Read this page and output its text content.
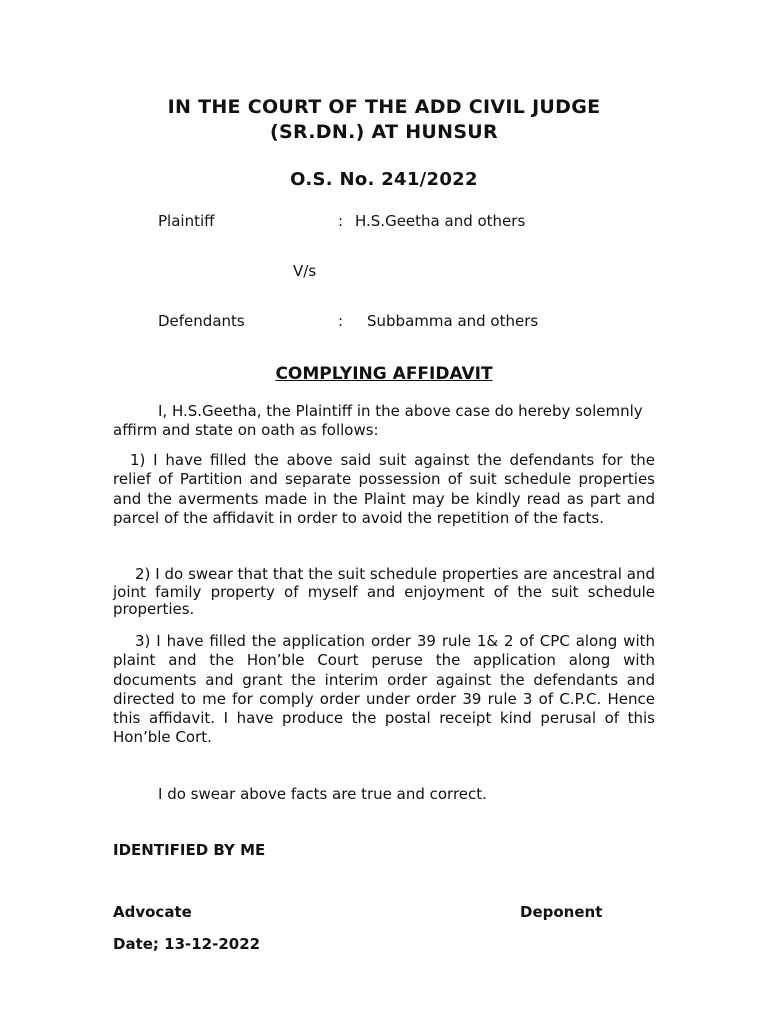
IN THE COURT OF THE ADD CIVIL JUDGE
(SR.DN.) AT HUNSUR
O.S. No. 241/2022
Plaintiff	: H.S.Geetha and others
V/s
Defendants	: Subbamma and others
COMPLYING AFFIDAVIT
I, H.S.Geetha, the Plaintiff in the above case do hereby solemnly affirm and state on oath as follows:
1) I have filled the above said suit against the defendants for the relief of Partition and separate possession of suit schedule properties and the averments made in the Plaint may be kindly read as part and parcel of the affidavit in order to avoid the repetition of the facts.
2) I do swear that that the suit schedule properties are ancestral and joint family property of myself and enjoyment of the suit schedule properties.
3) I have filled the application order 39 rule 1& 2 of CPC along with plaint and the Hon’ble Court peruse the application along with documents and grant the interim order against the defendants and directed to me for comply order under order 39 rule 3 of C.P.C. Hence this affidavit. I have produce the postal receipt kind perusal of this Hon’ble Cort.
I do swear above facts are true and correct.
IDENTIFIED BY ME
Advocate	Deponent
Date; 13-12-2022
